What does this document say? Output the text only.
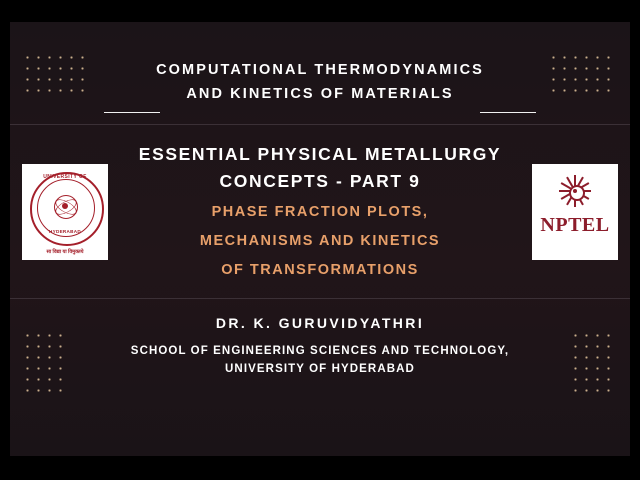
COMPUTATIONAL THERMODYNAMICS
AND KINETICS OF MATERIALS
UNIVERSITY OF
HYDERABAD
सा विद्या या विमुक्तये
ESSENTIAL PHYSICAL METALLURGY
CONCEPTS - PART 9
PHASE FRACTION PLOTS,
MECHANISMS AND KINETICS
OF TRANSFORMATIONS
NPTEL
DR. K. GURUVIDYATHRI
SCHOOL OF ENGINEERING SCIENCES AND TECHNOLOGY,
UNIVERSITY OF HYDERABAD
